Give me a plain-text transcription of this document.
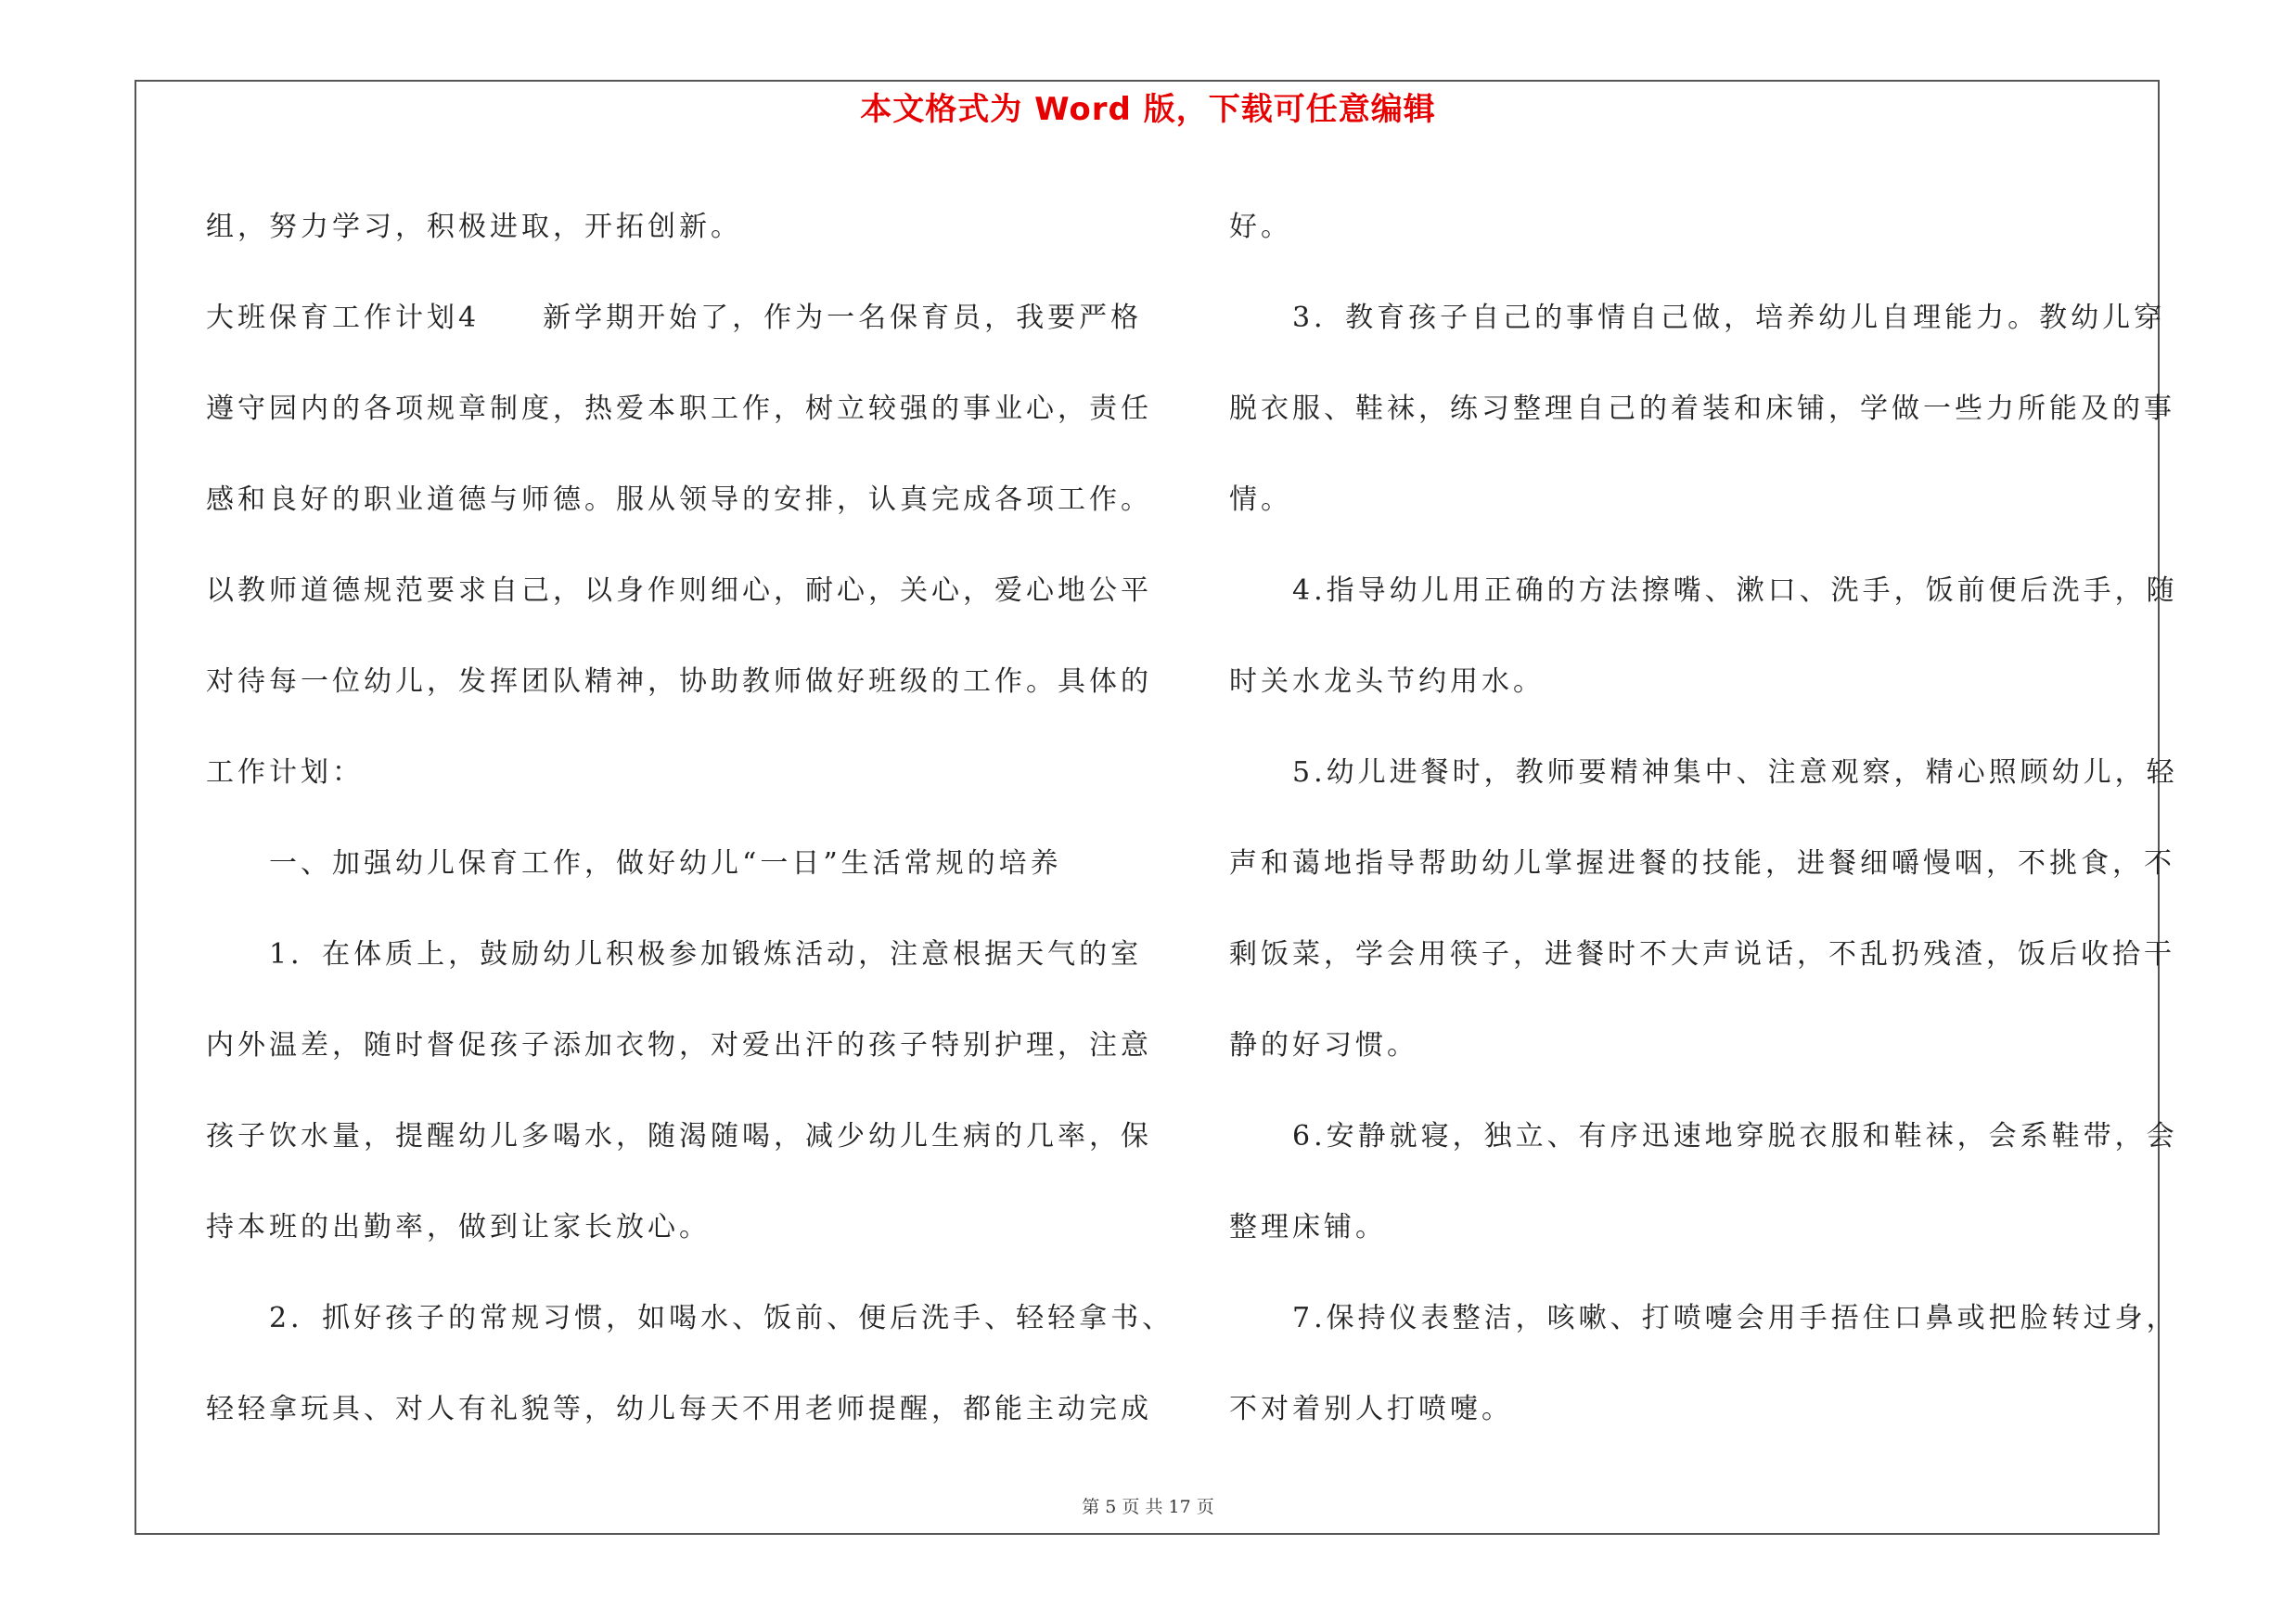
本文格式为 Word 版，下载可任意编辑
组，努力学习，积极进取，开拓创新。
大班保育工作计划4　　新学期开始了，作为一名保育员，我要严格
遵守园内的各项规章制度，热爱本职工作，树立较强的事业心，责任
感和良好的职业道德与师德。服从领导的安排，认真完成各项工作。
以教师道德规范要求自己，以身作则细心，耐心，关心，爱心地公平
对待每一位幼儿，发挥团队精神，协助教师做好班级的工作。具体的
工作计划：
　　一、加强幼儿保育工作，做好幼儿“一日”生活常规的培养
　　1．在体质上，鼓励幼儿积极参加锻炼活动，注意根据天气的室
内外温差，随时督促孩子添加衣物，对爱出汗的孩子特别护理，注意
孩子饮水量，提醒幼儿多喝水，随渴随喝，减少幼儿生病的几率，保
持本班的出勤率，做到让家长放心。
　　2．抓好孩子的常规习惯，如喝水、饭前、便后洗手、轻轻拿书、
轻轻拿玩具、对人有礼貌等，幼儿每天不用老师提醒，都能主动完成
好。
　　3．教育孩子自己的事情自己做，培养幼儿自理能力。教幼儿穿
脱衣服、鞋袜，练习整理自己的着装和床铺，学做一些力所能及的事
情。
　　4.指导幼儿用正确的方法擦嘴、漱口、洗手，饭前便后洗手，随
时关水龙头节约用水。
　　5.幼儿进餐时，教师要精神集中、注意观察，精心照顾幼儿，轻
声和蔼地指导帮助幼儿掌握进餐的技能，进餐细嚼慢咽，不挑食，不
剩饭菜，学会用筷子，进餐时不大声说话，不乱扔残渣，饭后收拾干
静的好习惯。
　　6.安静就寝，独立、有序迅速地穿脱衣服和鞋袜，会系鞋带，会
整理床铺。
　　7.保持仪表整洁，咳嗽、打喷嚏会用手捂住口鼻或把脸转过身，
不对着别人打喷嚏。
第 5 页 共 17 页
